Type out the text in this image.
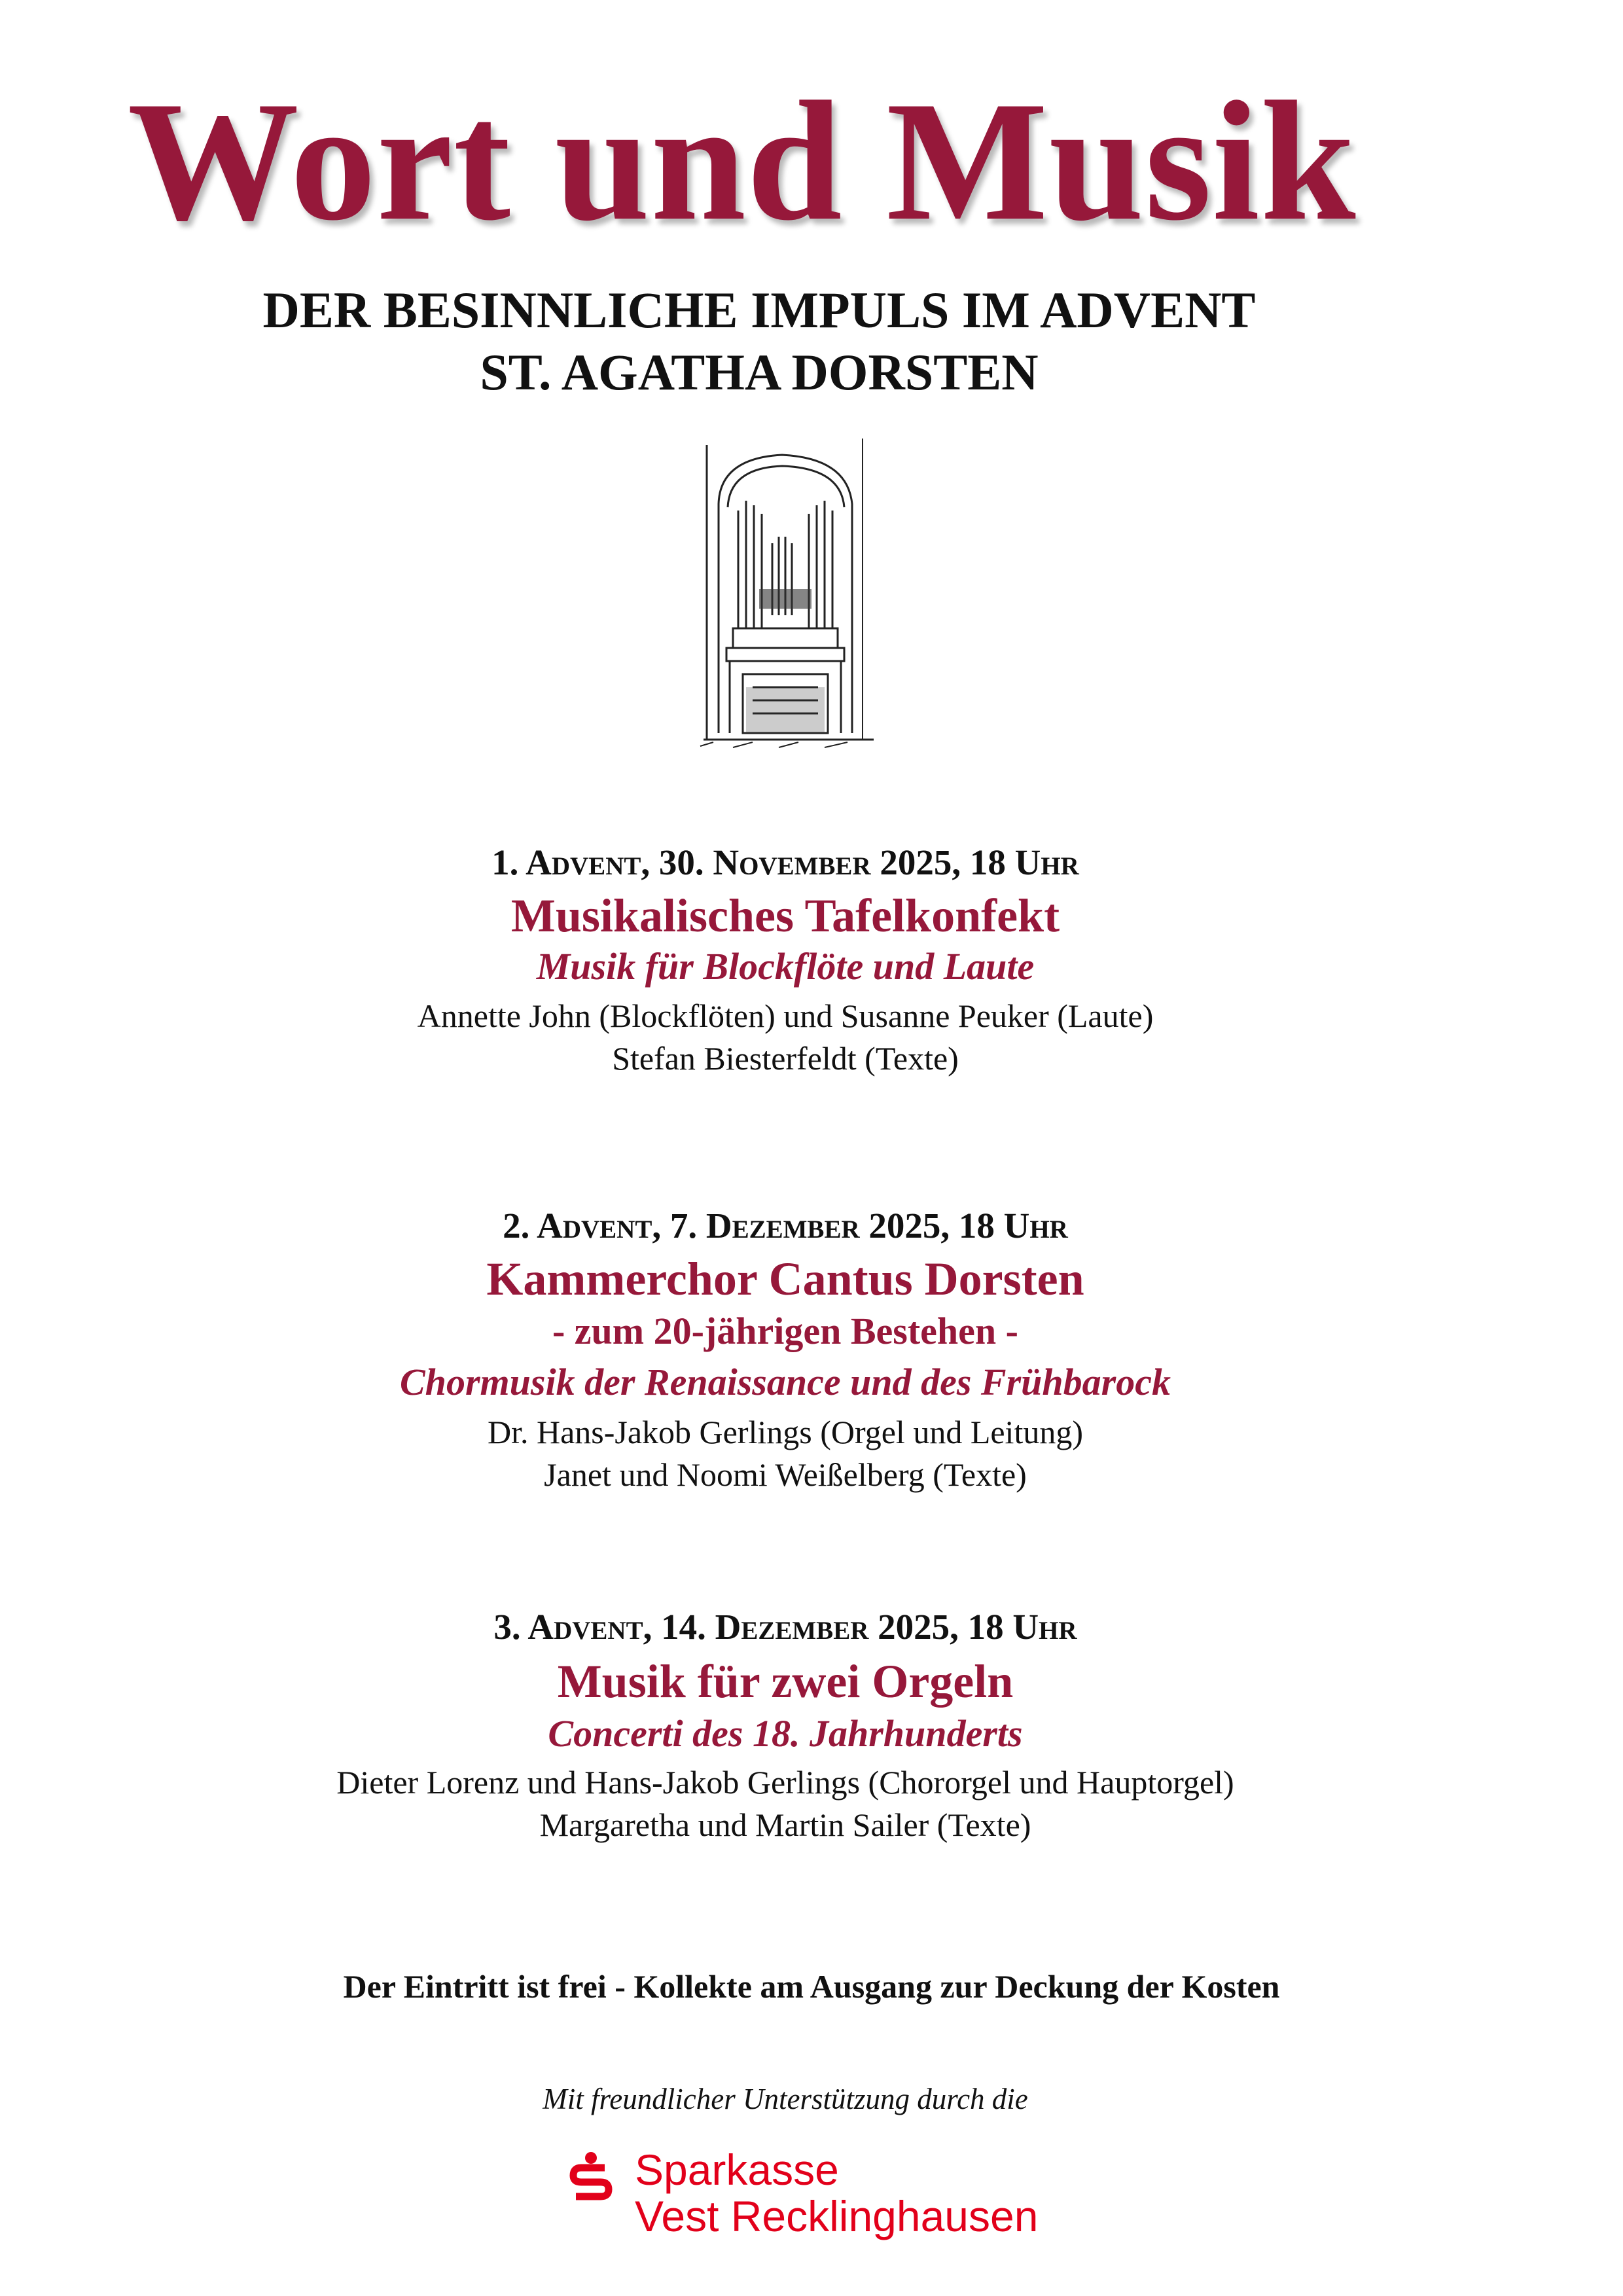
Wort und Musik
DER BESINNLICHE IMPULS IM ADVENT
ST. AGATHA DORSTEN
1. Advent, 30. November 2025, 18 Uhr
Musikalisches Tafelkonfekt
Musik für Blockflöte und Laute
Annette John (Blockflöten) und Susanne Peuker (Laute)
Stefan Biesterfeldt (Texte)
2. Advent, 7. Dezember 2025, 18 Uhr
Kammerchor Cantus Dorsten
- zum 20-jährigen Bestehen -
Chormusik der Renaissance und des Frühbarock
Dr. Hans-Jakob Gerlings (Orgel und Leitung)
Janet und Noomi Weißelberg (Texte)
3. Advent, 14. Dezember 2025, 18 Uhr
Musik für zwei Orgeln
Concerti des 18. Jahrhunderts
Dieter Lorenz und Hans-Jakob Gerlings (Chororgel und Hauptorgel)
Margaretha und Martin Sailer (Texte)
Der Eintritt ist frei - Kollekte am Ausgang zur Deckung der Kosten
Mit freundlicher Unterstützung durch die
Sparkasse
Vest Recklinghausen
